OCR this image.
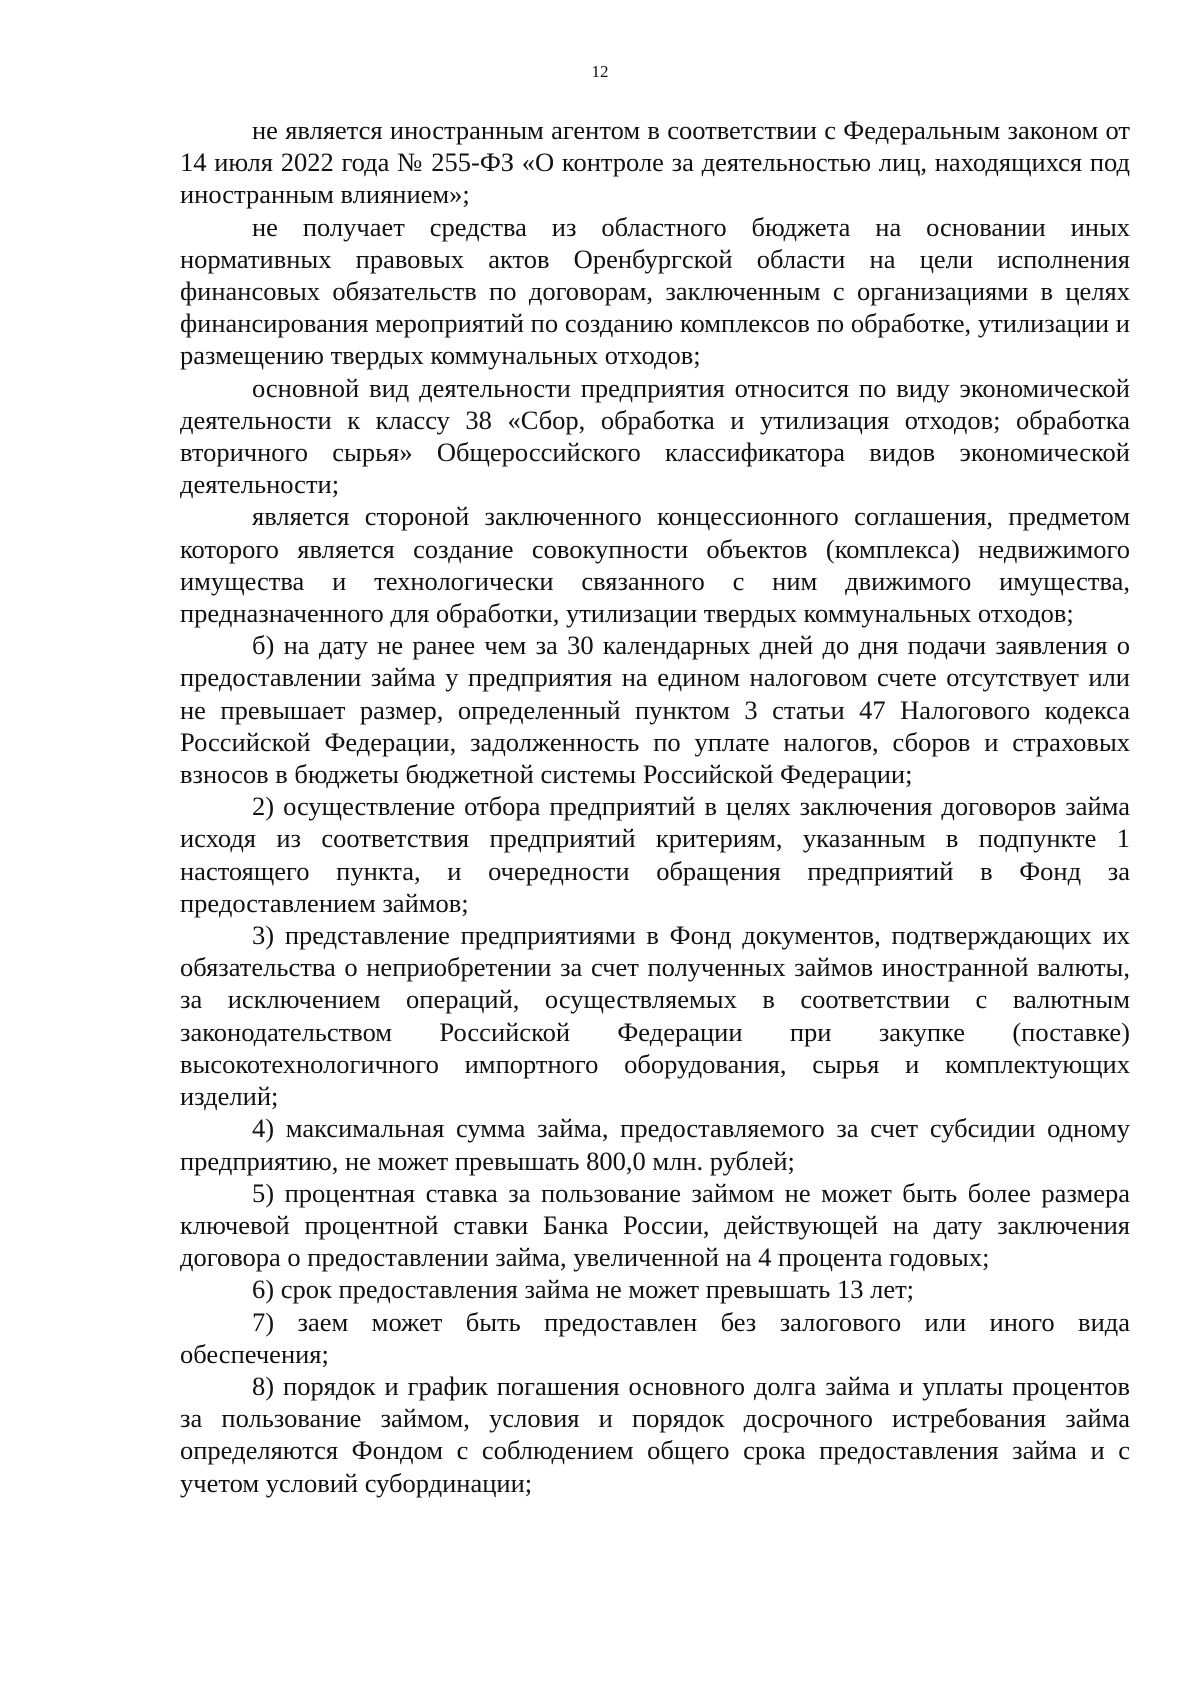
12

не является иностранным агентом в соответствии с Федеральным законом от 14 июля 2022 года № 255-ФЗ «О контроле за деятельностью лиц, находящихся под иностранным влиянием»;

не получает средства из областного бюджета на основании иных нормативных правовых актов Оренбургской области на цели исполнения финансовых обязательств по договорам, заключенным с организациями в целях финансирования мероприятий по созданию комплексов по обработке, утилизации и размещению твердых коммунальных отходов;

основной вид деятельности предприятия относится по виду экономической деятельности к классу 38 «Сбор, обработка и утилизация отходов; обработка вторичного сырья» Общероссийского классификатора видов экономической деятельности;

является стороной заключенного концессионного соглашения, предметом которого является создание совокупности объектов (комплекса) недвижимого имущества и технологически связанного с ним движимого имущества, предназначенного для обработки, утилизации твердых коммунальных отходов;

б) на дату не ранее чем за 30 календарных дней до дня подачи заявления о предоставлении займа у предприятия на едином налоговом счете отсутствует или не превышает размер, определенный пунктом 3 статьи 47 Налогового кодекса Российской Федерации, задолженность по уплате налогов, сборов и страховых взносов в бюджеты бюджетной системы Российской Федерации;

2) осуществление отбора предприятий в целях заключения договоров займа исходя из соответствия предприятий критериям, указанным в подпункте 1 настоящего пункта, и очередности обращения предприятий в Фонд за предоставлением займов;

3) представление предприятиями в Фонд документов, подтверждающих их обязательства о неприобретении за счет полученных займов иностранной валюты, за исключением операций, осуществляемых в соответствии с валютным законодательством Российской Федерации при закупке (поставке) высокотехнологичного импортного оборудования, сырья и комплектующих изделий;

4) максимальная сумма займа, предоставляемого за счет субсидии одному предприятию, не может превышать 800,0 млн. рублей;

5) процентная ставка за пользование займом не может быть более размера ключевой процентной ставки Банка России, действующей на дату заключения договора о предоставлении займа, увеличенной на 4 процента годовых;

6) срок предоставления займа не может превышать 13 лет;

7) заем может быть предоставлен без залогового или иного вида обеспечения;

8) порядок и график погашения основного долга займа и уплаты процентов за пользование займом, условия и порядок досрочного истребования займа определяются Фондом с соблюдением общего срока предоставления займа и с учетом условий субординации;
